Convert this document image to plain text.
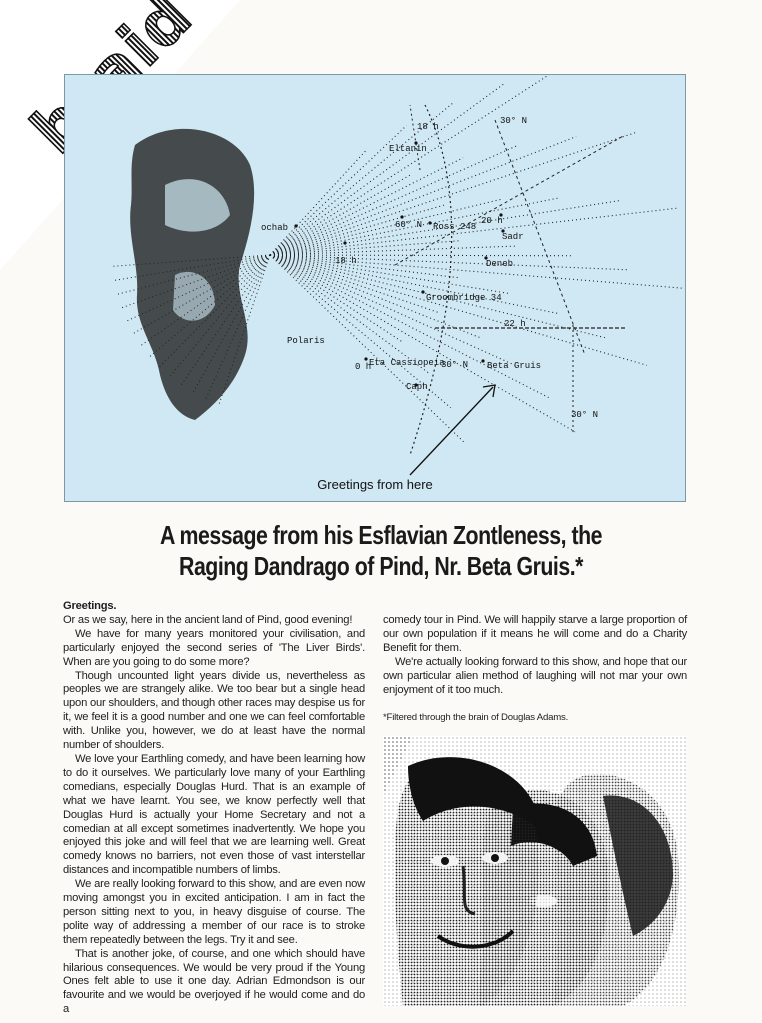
18 h
30° N
Eltanin
ochab	60° N Ross 248
20 h
Sadr
Deneb
18 h
Groombridge 34
22 h
Polaris
0 h
Eta Cassiopeia
30° N Beta Gruis
Caph
30° N
Greetings from here
A message from his Esflavian Zontleness, the
Raging Dandrago of Pind, Nr. Beta Gruis.*

Greetings.

Or as we say, here in the ancient land of Pind, good evening!

We have for many years monitored your civilisation, and particularly enjoyed the second series of 'The Liver Birds'. When are you going to do some more?

Though uncounted light years divide us, nevertheless as peoples we are strangely alike. We too bear but a single head upon our shoulders, and though other races may despise us for it, we feel it is a good number and one we can feel comfortable with. Unlike you, however, we do at least have the normal number of shoulders.

We love your Earthling comedy, and have been learning how to do it ourselves. We particularly love many of your Earthling comedians, especially Douglas Hurd. That is an example of what we have learnt. You see, we know perfectly well that Douglas Hurd is actually your Home Secretary and not a comedian at all except sometimes inadvertently. We hope you enjoyed this joke and will feel that we are learning well. Great comedy knows no barriers, not even those of vast interstellar distances and incompatible numbers of limbs.

We are really looking forward to this show, and are even now moving amongst you in excited anticipation. I am in fact the person sitting next to you, in heavy disguise of course. The polite way of addressing a member of our race is to stroke them repeatedly between the legs. Try it and see.

That is another joke, of course, and one which should have hilarious consequences. We would be very proud if the Young Ones felt able to use it one day. Adrian Edmondson is our favourite and we would be overjoyed if he would come and do a

comedy tour in Pind. We will happily starve a large proportion of our own population if it means he will come and do a Charity Benefit for them.

We're actually looking forward to this show, and hope that our own particular alien method of laughing will not mar your own enjoyment of it too much.

*Filtered through the brain of Douglas Adams.
